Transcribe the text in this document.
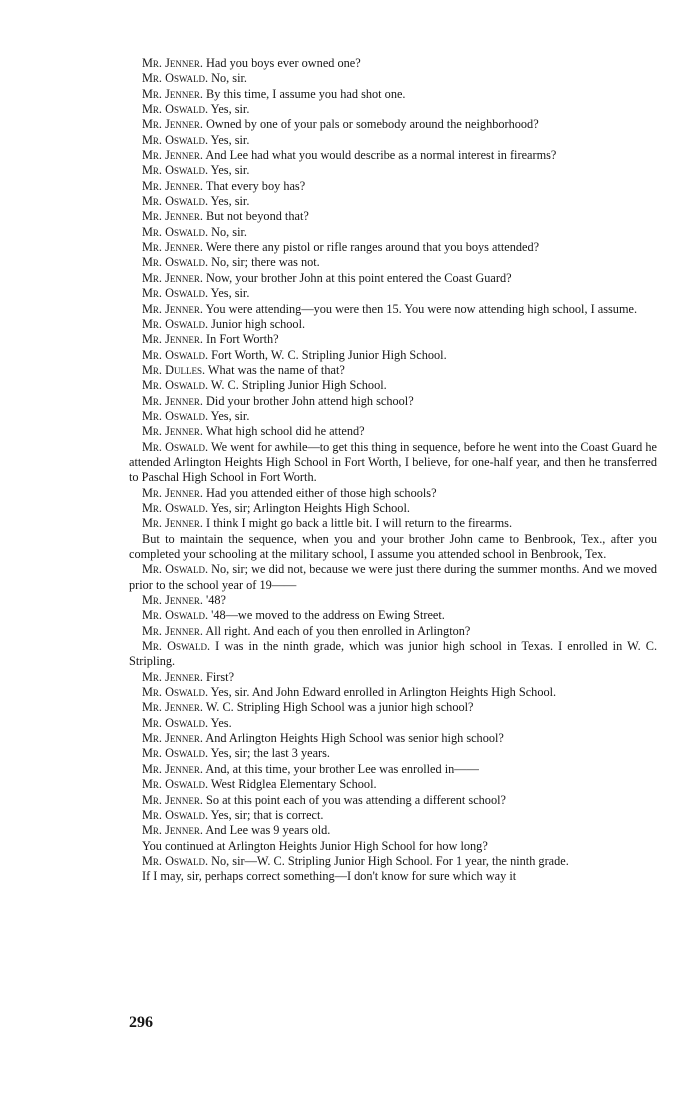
Mr. Jenner. Had you boys ever owned one?

Mr. Oswald. No, sir.

Mr. Jenner. By this time, I assume you had shot one.

Mr. Oswald. Yes, sir.

Mr. Jenner. Owned by one of your pals or somebody around the neighborhood?

Mr. Oswald. Yes, sir.

Mr. Jenner. And Lee had what you would describe as a normal interest in firearms?

Mr. Oswald. Yes, sir.

Mr. Jenner. That every boy has?

Mr. Oswald. Yes, sir.

Mr. Jenner. But not beyond that?

Mr. Oswald. No, sir.

Mr. Jenner. Were there any pistol or rifle ranges around that you boys attended?

Mr. Oswald. No, sir; there was not.

Mr. Jenner. Now, your brother John at this point entered the Coast Guard?

Mr. Oswald. Yes, sir.

Mr. Jenner. You were attending—you were then 15. You were now attending high school, I assume.

Mr. Oswald. Junior high school.

Mr. Jenner. In Fort Worth?

Mr. Oswald. Fort Worth, W. C. Stripling Junior High School.

Mr. Dulles. What was the name of that?

Mr. Oswald. W. C. Stripling Junior High School.

Mr. Jenner. Did your brother John attend high school?

Mr. Oswald. Yes, sir.

Mr. Jenner. What high school did he attend?

Mr. Oswald. We went for awhile—to get this thing in sequence, before he went into the Coast Guard he attended Arlington Heights High School in Fort Worth, I believe, for one-half year, and then he transferred to Paschal High School in Fort Worth.

Mr. Jenner. Had you attended either of those high schools?

Mr. Oswald. Yes, sir; Arlington Heights High School.

Mr. Jenner. I think I might go back a little bit. I will return to the firearms.

But to maintain the sequence, when you and your brother John came to Benbrook, Tex., after you completed your schooling at the military school, I assume you attended school in Benbrook, Tex.

Mr. Oswald. No, sir; we did not, because we were just there during the summer months. And we moved prior to the school year of 19——

Mr. Jenner. '48?

Mr. Oswald. '48—we moved to the address on Ewing Street.

Mr. Jenner. All right. And each of you then enrolled in Arlington?

Mr. Oswald. I was in the ninth grade, which was junior high school in Texas. I enrolled in W. C. Stripling.

Mr. Jenner. First?

Mr. Oswald. Yes, sir. And John Edward enrolled in Arlington Heights High School.

Mr. Jenner. W. C. Stripling High School was a junior high school?

Mr. Oswald. Yes.

Mr. Jenner. And Arlington Heights High School was senior high school?

Mr. Oswald. Yes, sir; the last 3 years.

Mr. Jenner. And, at this time, your brother Lee was enrolled in——

Mr. Oswald. West Ridglea Elementary School.

Mr. Jenner. So at this point each of you was attending a different school?

Mr. Oswald. Yes, sir; that is correct.

Mr. Jenner. And Lee was 9 years old.

You continued at Arlington Heights Junior High School for how long?

Mr. Oswald. No, sir—W. C. Stripling Junior High School. For 1 year, the ninth grade.

If I may, sir, perhaps correct something—I don't know for sure which way it

296
